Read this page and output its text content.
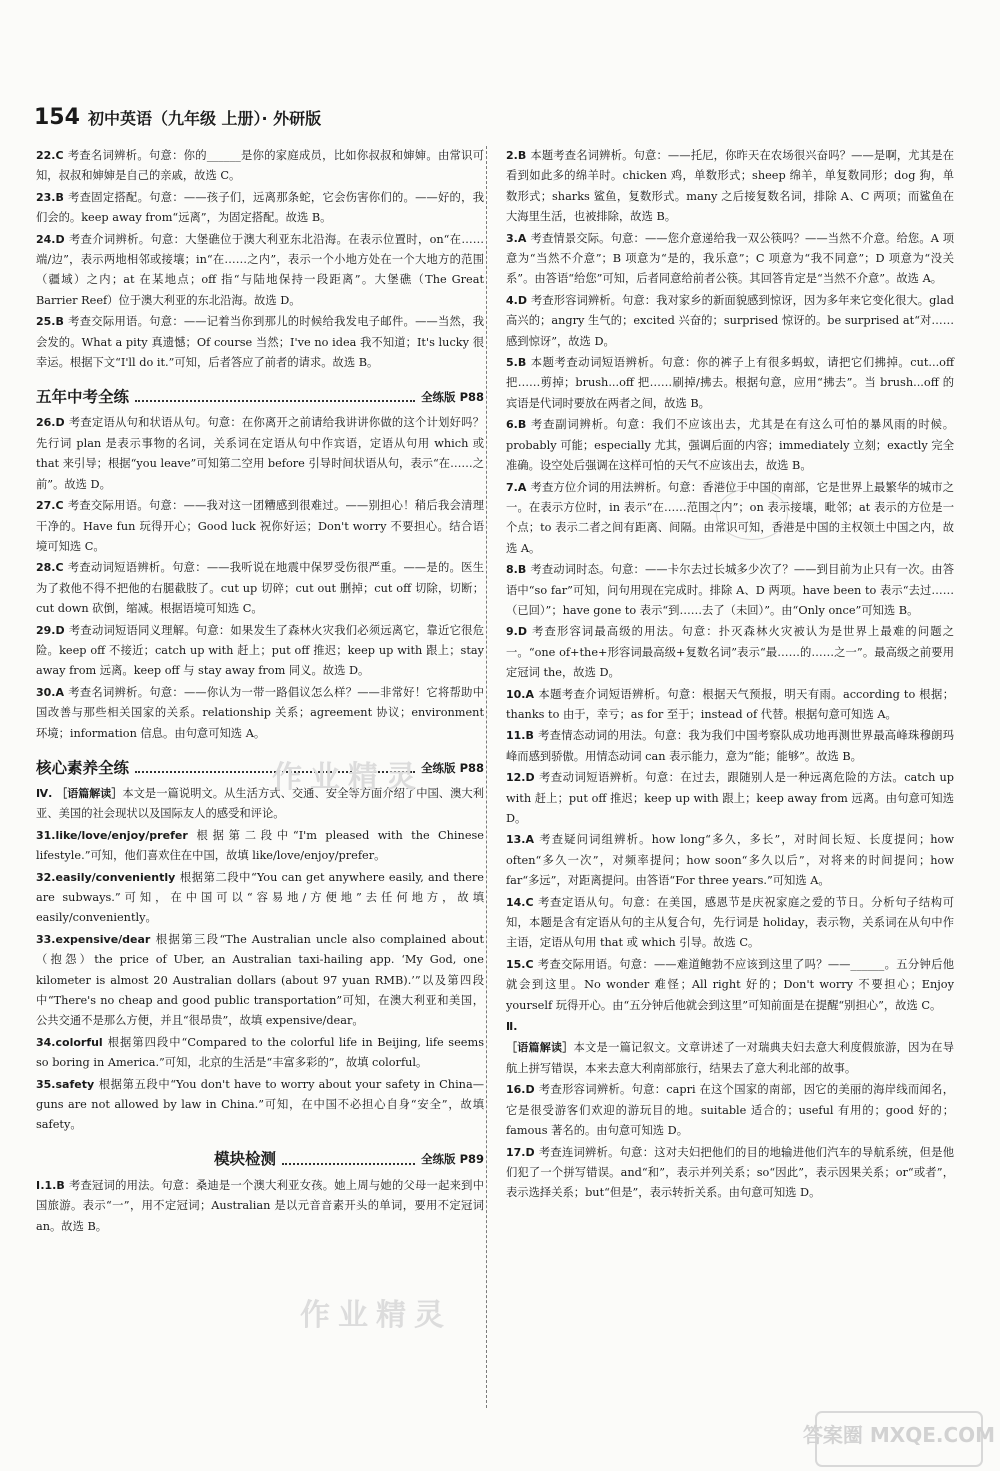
154 初中英语（九年级 上册）· 外研版
22.C 考查名词辨析。句意：你的______是你的家庭成员，比如你叔叔和婶婶。由常识可知，叔叔和婶婶是自己的亲戚，故选 C。
23.B 考查固定搭配。句意：——孩子们，远离那条蛇，它会伤害你们的。——好的，我们会的。keep away from“远离”，为固定搭配。故选 B。
24.D 考查介词辨析。句意：大堡礁位于澳大利亚东北沿海。在表示位置时，on“在……端/边”，表示两地相邻或接壤；in“在……之内”，表示一个小地方处在一个大地方的范围（疆域）之内；at 在某地点；off 指“与陆地保持一段距离”。大堡礁（The Great Barrier Reef）位于澳大利亚的东北沿海。故选 D。
25.B 考查交际用语。句意：——记着当你到那儿的时候给我发电子邮件。——当然，我会发的。What a pity 真遗憾；Of course 当然；I've no idea 我不知道；It's lucky 很幸运。根据下文“I'll do it.”可知，后者答应了前者的请求。故选 B。
五年中考全练	全练版 P88
26.D 考查定语从句和状语从句。句意：在你离开之前请给我讲讲你做的这个计划好吗？先行词 plan 是表示事物的名词，关系词在定语从句中作宾语，定语从句用 which 或 that 来引导；根据“you leave”可知第二空用 before 引导时间状语从句，表示“在……之前”。故选 D。
27.C 考查交际用语。句意：——我对这一团糟感到很难过。——别担心！稍后我会清理干净的。Have fun 玩得开心；Good luck 祝你好运；Don't worry 不要担心。结合语境可知选 C。
28.C 考查动词短语辨析。句意：——我听说在地震中保罗受伤很严重。——是的。医生为了救他不得不把他的右腿截肢了。cut up 切碎；cut out 删掉；cut off 切除，切断；cut down 砍倒，缩减。根据语境可知选 C。
29.D 考查动词短语同义理解。句意：如果发生了森林火灾我们必须远离它，靠近它很危险。keep off 不接近；catch up with 赶上；put off 推迟；keep up with 跟上；stay away from 远离。keep off 与 stay away from 同义。故选 D。
30.A 考查名词辨析。句意：——你认为一带一路倡议怎么样？——非常好！它将帮助中国改善与那些相关国家的关系。relationship 关系；agreement 协议；environment 环境；information 信息。由句意可知选 A。
核心素养全练	全练版 P88
Ⅳ. ［语篇解读］本文是一篇说明文。从生活方式、交通、安全等方面介绍了中国、澳大利亚、美国的社会现状以及国际友人的感受和评论。
31.like/love/enjoy/prefer 根据第二段中“I'm pleased with the Chinese lifestyle.”可知，他们喜欢住在中国，故填 like/love/enjoy/prefer。
32.easily/conveniently 根据第二段中“You can get anywhere easily, and there are subways.”可知，在中国可以“容易地/方便地”去任何地方，故填 easily/conveniently。
33.expensive/dear 根据第三段“The Australian uncle also complained about（抱怨）the price of Uber, an Australian taxi-hailing app. ‘My God, one kilometer is almost 20 Australian dollars (about 97 yuan RMB).’”以及第四段中“There's no cheap and good public transportation”可知，在澳大利亚和美国，公共交通不是那么方便，并且“很昂贵”，故填 expensive/dear。
34.colorful 根据第四段中“Compared to the colorful life in Beijing, life seems so boring in America.”可知，北京的生活是“丰富多彩的”，故填 colorful。
35.safety 根据第五段中“You don't have to worry about your safety in China—guns are not allowed by law in China.”可知，在中国不必担心自身“安全”，故填 safety。
模块检测	全练版 P89
Ⅰ.1.B 考查冠词的用法。句意：桑迪是一个澳大利亚女孩。她上周与她的父母一起来到中国旅游。表示“一”，用不定冠词；Australian 是以元音音素开头的单词，要用不定冠词 an。故选 B。
2.B 本题考查名词辨析。句意：——托尼，你昨天在农场很兴奋吗？——是啊，尤其是在看到如此多的绵羊时。chicken 鸡，单数形式；sheep 绵羊，单复数同形；dog 狗，单数形式；sharks 鲨鱼，复数形式。many 之后接复数名词，排除 A、C 两项；而鲨鱼在大海里生活，也被排除，故选 B。
3.A 考查情景交际。句意：——您介意递给我一双公筷吗？——当然不介意。给您。A 项意为“当然不介意”；B 项意为“是的，我乐意”；C 项意为“我不同意”；D 项意为“没关系”。由答语“给您”可知，后者同意给前者公筷。其回答肯定是“当然不介意”。故选 A。
4.D 考查形容词辨析。句意：我对家乡的新面貌感到惊讶，因为多年来它变化很大。glad 高兴的；angry 生气的；excited 兴奋的；surprised 惊讶的。be surprised at“对……感到惊讶”，故选 D。
5.B 本题考查动词短语辨析。句意：你的裤子上有很多蚂蚁，请把它们拂掉。cut...off 把……剪掉；brush...off 把……刷掉/拂去。根据句意，应用“拂去”。当 brush...off 的宾语是代词时要放在两者之间，故选 B。
6.B 考查副词辨析。句意：我们不应该出去，尤其是在有这么可怕的暴风雨的时候。probably 可能；especially 尤其，强调后面的内容；immediately 立刻；exactly 完全准确。设空处后强调在这样可怕的天气不应该出去，故选 B。
7.A 考查方位介词的用法辨析。句意：香港位于中国的南部，它是世界上最繁华的城市之一。在表示方位时，in 表示“在……范围之内”；on 表示接壤，毗邻；at 表示的方位是一个点；to 表示二者之间有距离、间隔。由常识可知，香港是中国的主权领土中国之内，故选 A。
8.B 考查动词时态。句意：——卡尔去过长城多少次了？——到目前为止只有一次。由答语中“so far”可知，问句用现在完成时。排除 A、D 两项。have been to 表示“去过……（已回）”；have gone to 表示“到……去了（未回）”。由“Only once”可知选 B。
9.D 考查形容词最高级的用法。句意：扑灭森林火灾被认为是世界上最难的问题之一。“one of+the+形容词最高级+复数名词”表示“最……的……之一”。最高级之前要用定冠词 the，故选 D。
10.A 本题考查介词短语辨析。句意：根据天气预报，明天有雨。according to 根据；thanks to 由于，幸亏；as for 至于；instead of 代替。根据句意可知选 A。
11.B 考查情态动词的用法。句意：我为我们中国考察队成功地再测世界最高峰珠穆朗玛峰而感到骄傲。用情态动词 can 表示能力，意为“能；能够”。故选 B。
12.D 考查动词短语辨析。句意：在过去，跟随别人是一种远离危险的方法。catch up with 赶上；put off 推迟；keep up with 跟上；keep away from 远离。由句意可知选 D。
13.A 考查疑问词组辨析。how long“多久，多长”，对时间长短、长度提问；how often“多久一次”，对频率提问；how soon“多久以后”，对将来的时间提问；how far“多远”，对距离提问。由答语“For three years.”可知选 A。
14.C 考查定语从句。句意：在美国，感恩节是庆祝家庭之爱的节日。分析句子结构可知，本题是含有定语从句的主从复合句，先行词是 holiday，表示物，关系词在从句中作主语，定语从句用 that 或 which 引导。故选 C。
15.C 考查交际用语。句意：——难道鲍勃不应该到这里了吗？——______。五分钟后他就会到这里。No wonder 难怪；All right 好的；Don't worry 不要担心；Enjoy yourself 玩得开心。由“五分钟后他就会到这里”可知前面是在提醒“别担心”，故选 C。
Ⅱ.
［语篇解读］本文是一篇记叙文。文章讲述了一对瑞典夫妇去意大利度假旅游，因为在导航上拼写错误，本来去意大利南部旅行，结果去了意大利北部的故事。
16.D 考查形容词辨析。句意：capri 在这个国家的南部，因它的美丽的海岸线而闻名，它是很受游客们欢迎的游玩目的地。suitable 适合的；useful 有用的；good 好的；famous 著名的。由句意可知选 D。
17.D 考查连词辨析。句意：这对夫妇把他们的目的地输进他们汽车的导航系统，但是他们犯了一个拼写错误。and“和”，表示并列关系；so“因此”，表示因果关系；or“或者”，表示选择关系；but“但是”，表示转折关系。由句意可知选 D。
作业精灵
作业精灵
答案圈 MXQE.COM
